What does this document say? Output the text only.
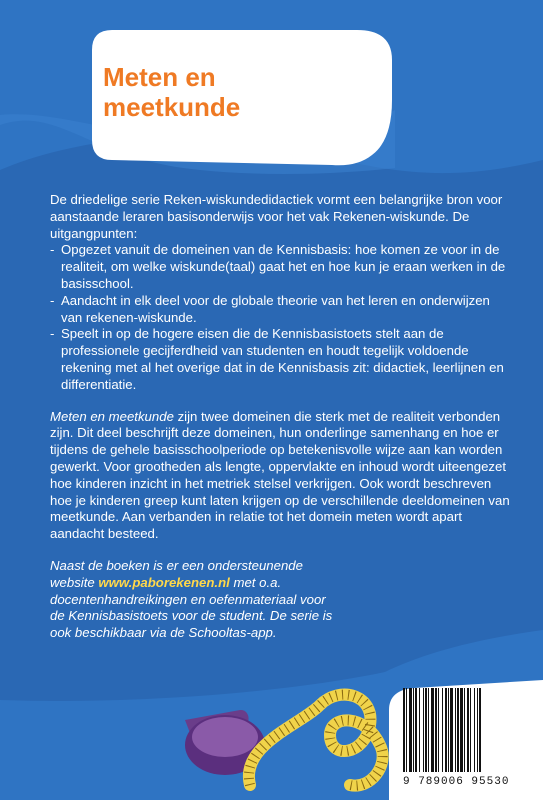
Meten en
meetkunde

De driedelige serie Reken-wiskundedidactiek vormt een belangrijke bron voor aanstaande leraren basisonderwijs voor het vak Rekenen-wiskunde. De uitgangpunten:

- Opgezet vanuit de domeinen van de Kennisbasis: hoe komen ze voor in de realiteit, om welke wiskunde(taal) gaat het en hoe kun je eraan werken in de basisschool.
- Aandacht in elk deel voor de globale theorie van het leren en onderwijzen van rekenen-wiskunde.
- Speelt in op de hogere eisen die de Kennisbasistoets stelt aan de professionele gecijferdheid van studenten en houdt tegelijk voldoende rekening met al het overige dat in de Kennisbasis zit: didactiek, leerlijnen en differentiatie.

Meten en meetkunde zijn twee domeinen die sterk met de realiteit verbonden zijn. Dit deel beschrijft deze domeinen, hun onderlinge samenhang en hoe er tijdens de gehele basisschoolperiode op betekenisvolle wijze aan kan worden gewerkt. Voor grootheden als lengte, oppervlakte en inhoud wordt uiteengezet hoe kinderen inzicht in het metriek stelsel verkrijgen. Ook wordt beschreven hoe je kinderen greep kunt laten krijgen op de verschillende deeldomeinen van meetkunde. Aan verbanden in relatie tot het domein meten wordt apart aandacht besteed.

Naast de boeken is er een ondersteunende website www.paborekenen.nl met o.a. docentenhandreikingen en oefenmateriaal voor de Kennisbasistoets voor de student. De serie is ook beschikbaar via de Schooltas-app.

9 789006 95530
